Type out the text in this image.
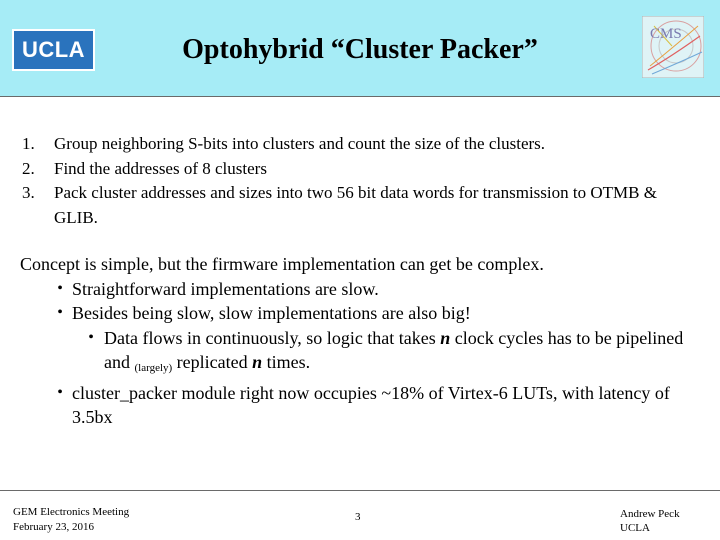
UCLA	Optohybrid “Cluster Packer”	CMS
1.	Group neighboring S-bits into clusters and count the size of the clusters.
2.	Find the addresses of 8 clusters
3.	Pack cluster addresses and sizes into two 56 bit data words for transmission to OTMB & GLIB.
Concept is simple, but the firmware implementation can get be complex.
• Straightforward implementations are slow.
• Besides being slow, slow implementations are also big!
• Data flows in continuously, so logic that takes n clock cycles has to be pipelined and $_{(largely)}$ replicated n times.
• cluster_packer module right now occupies ~18% of Virtex-6 LUTs, with latency of 3.5bx
GEM Electronics Meeting
February 23, 2016
3	Andrew Peck
UCLA
